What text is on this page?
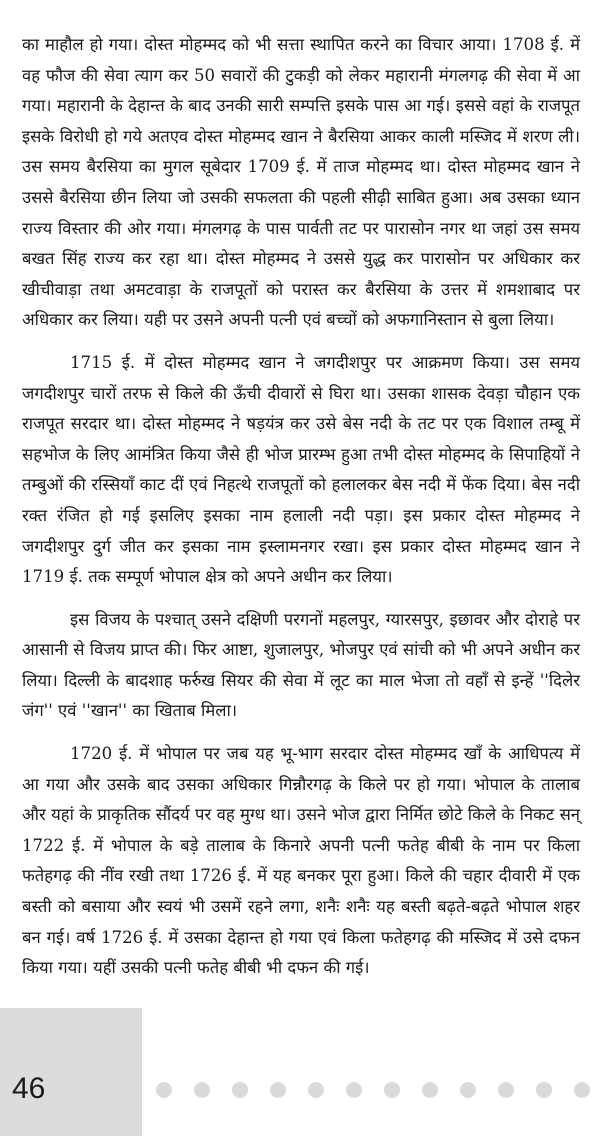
का माहौल हो गया। दोस्त मोहम्मद को भी सत्ता स्थापित करने का विचार आया। 1708 ई. में वह फौज की सेवा त्याग कर 50 सवारों की टुकड़ी को लेकर महारानी मंगलगढ़ की सेवा में आ गया। महारानी के देहान्त के बाद उनकी सारी सम्पत्ति इसके पास आ गई। इससे वहां के राजपूत इसके विरोधी हो गये अतएव दोस्त मोहम्मद खान ने बैरसिया आकर काली मस्जिद में शरण ली। उस समय बैरसिया का मुगल सूबेदार 1709 ई. में ताज मोहम्मद था। दोस्त मोहम्मद खान ने उससे बैरसिया छीन लिया जो उसकी सफलता की पहली सीढ़ी साबित हुआ। अब उसका ध्यान राज्य विस्तार की ओर गया। मंगलगढ़ के पास पार्वती तट पर पारासोन नगर था जहां उस समय बखत सिंह राज्य कर रहा था। दोस्त मोहम्मद ने उससे युद्ध कर पारासोन पर अधिकार कर खीचीवाड़ा तथा अमटवाड़ा के राजपूतों को परास्त कर बैरसिया के उत्तर में शमशाबाद पर अधिकार कर लिया। यही पर उसने अपनी पत्नी एवं बच्चों को अफगानिस्तान से बुला लिया।

1715 ई. में दोस्त मोहम्मद खान ने जगदीशपुर पर आक्रमण किया। उस समय जगदीशपुर चारों तरफ से किले की ऊँची दीवारों से घिरा था। उसका शासक देवड़ा चौहान एक राजपूत सरदार था। दोस्त मोहम्मद ने षड़यंत्र कर उसे बेस नदी के तट पर एक विशाल तम्बू में सहभोज के लिए आमंत्रित किया जैसे ही भोज प्रारम्भ हुआ तभी दोस्त मोहम्मद के सिपाहियों ने तम्बुओं की रस्सियाँ काट दीं एवं निहत्थे राजपूतों को हलालकर बेस नदी में फेंक दिया। बेस नदी रक्त रंजित हो गई इसलिए इसका नाम हलाली नदी पड़ा। इस प्रकार दोस्त मोहम्मद ने जगदीशपुर दुर्ग जीत कर इसका नाम इस्लामनगर रखा। इस प्रकार दोस्त मोहम्मद खान ने 1719 ई. तक सम्पूर्ण भोपाल क्षेत्र को अपने अधीन कर लिया।

इस विजय के पश्चात् उसने दक्षिणी परगनों महलपुर, ग्यारसपुर, इछावर और दोराहे पर आसानी से विजय प्राप्त की। फिर आष्टा, शुजालपुर, भोजपुर एवं सांची को भी अपने अधीन कर लिया। दिल्ली के बादशाह फर्रुख सियर की सेवा में लूट का माल भेजा तो वहाँ से इन्हें ''दिलेर जंग'' एवं ''खान'' का खिताब मिला।

1720 ई. में भोपाल पर जब यह भू-भाग सरदार दोस्त मोहम्मद खाँ के आधिपत्य में आ गया और उसके बाद उसका अधिकार गिन्नौरगढ़ के किले पर हो गया। भोपाल के तालाब और यहां के प्राकृतिक सौंदर्य पर वह मुग्ध था। उसने भोज द्वारा निर्मित छोटे किले के निकट सन् 1722 ई. में भोपाल के बड़े तालाब के किनारे अपनी पत्नी फतेह बीबी के नाम पर किला फतेहगढ़ की नींव रखी तथा 1726 ई. में यह बनकर पूरा हुआ। किले की चहार दीवारी में एक बस्ती को बसाया और स्वयं भी उसमें रहने लगा, शनैः शनैः यह बस्ती बढ़ते-बढ़ते भोपाल शहर बन गई। वर्ष 1726 ई. में उसका देहान्त हो गया एवं किला फतेहगढ़ की मस्जिद में उसे दफन किया गया। यहीं उसकी पत्नी फतेह बीबी भी दफन की गई।

46
